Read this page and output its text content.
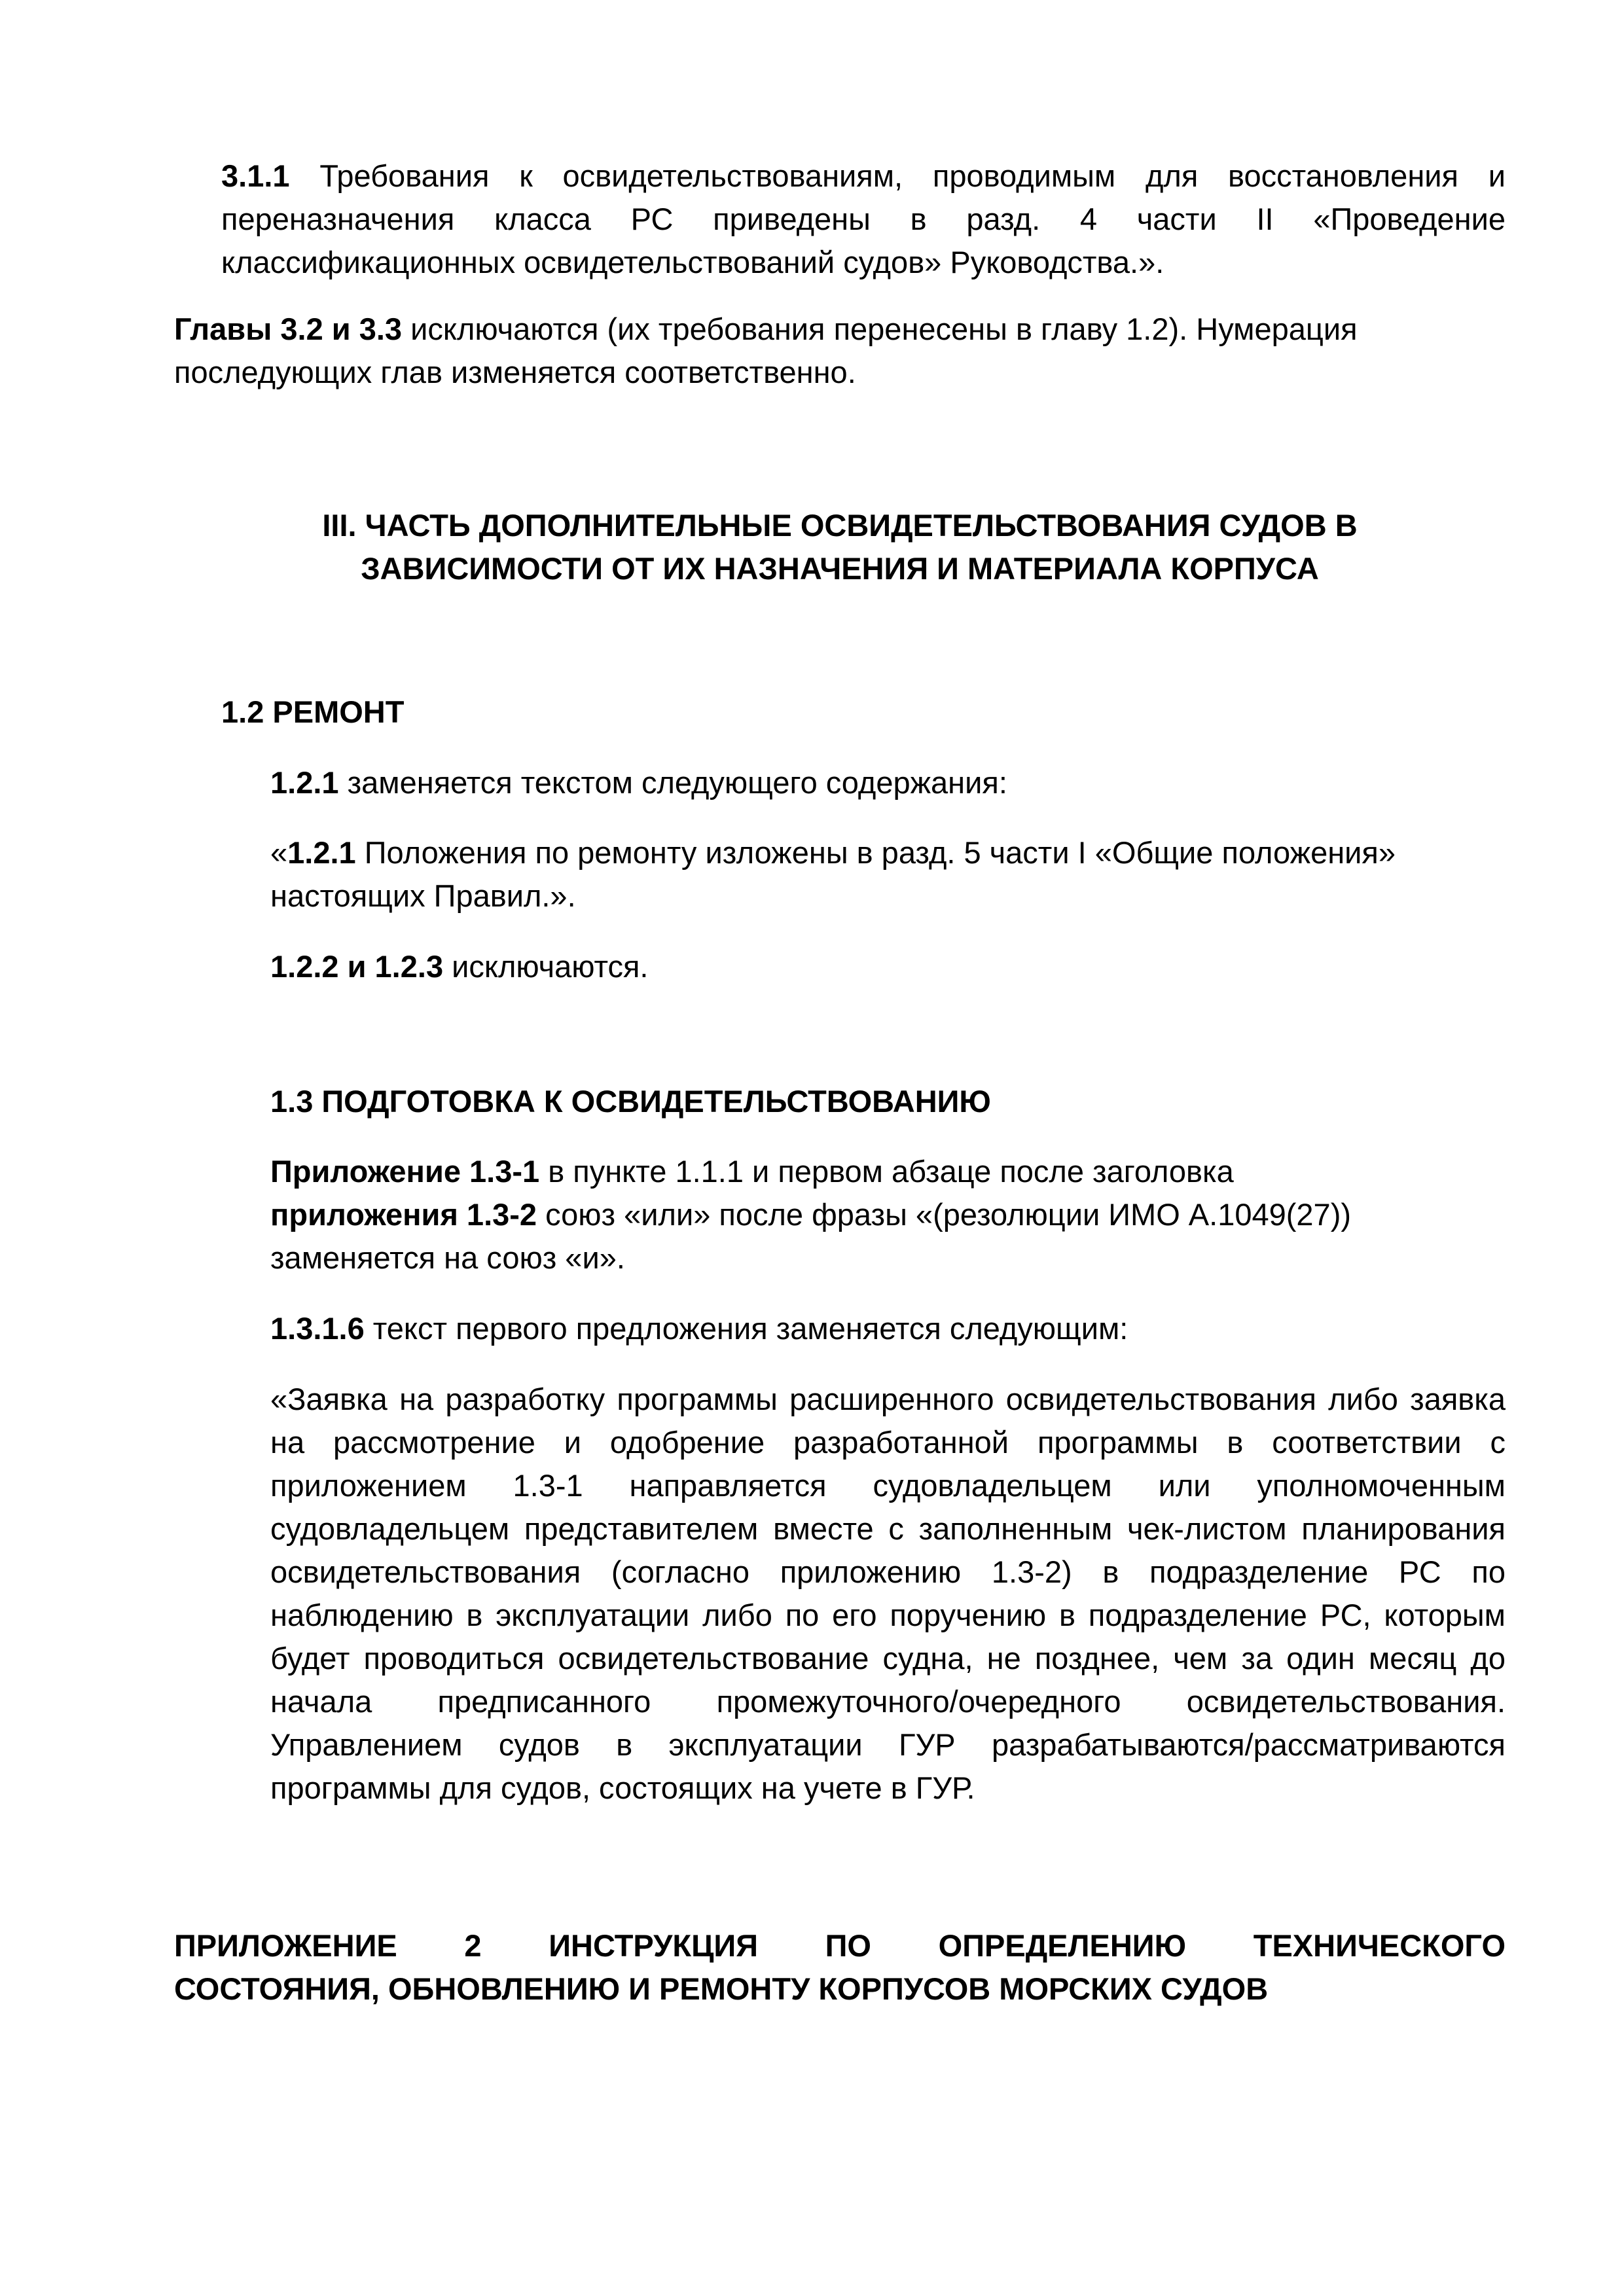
3.1.1 Требования к освидетельствованиям, проводимым для восстановления и переназначения класса РС приведены в разд. 4 части II «Проведение классификационных освидетельствований судов» Руководства.».
Главы 3.2 и 3.3 исключаются (их требования перенесены в главу 1.2). Нумерация последующих глав изменяется соответственно.
III. ЧАСТЬ ДОПОЛНИТЕЛЬНЫЕ ОСВИДЕТЕЛЬСТВОВАНИЯ СУДОВ В
ЗАВИСИМОСТИ ОТ ИХ НАЗНАЧЕНИЯ И МАТЕРИАЛА КОРПУСА
1.2 РЕМОНТ
1.2.1 заменяется текстом следующего содержания:
«1.2.1 Положения по ремонту изложены в разд. 5 части I «Общие положения» настоящих Правил.».
1.2.2 и 1.2.3 исключаются.
1.3 ПОДГОТОВКА К ОСВИДЕТЕЛЬСТВОВАНИЮ
Приложение 1.3-1 в пункте 1.1.1 и первом абзаце после заголовка
приложения 1.3-2 союз «или» после фразы «(резолюции ИМО А.1049(27))
заменяется на союз «и».
1.3.1.6 текст первого предложения заменяется следующим:
«Заявка на разработку программы расширенного освидетельствования либо заявка на рассмотрение и одобрение разработанной программы в соответствии с приложением 1.3-1 направляется судовладельцем или уполномоченным судовладельцем представителем вместе с заполненным чек-листом планирования освидетельствования (согласно приложению 1.3-2) в подразделение РС по наблюдению в эксплуатации либо по его поручению в подразделение РС, которым будет проводиться освидетельствование судна, не позднее, чем за один месяц до начала предписанного промежуточного/очередного освидетельствования. Управлением судов в эксплуатации ГУР разрабатываются/рассматриваются программы для судов, состоящих на учете в ГУР.
ПРИЛОЖЕНИЕ 2 ИНСТРУКЦИЯ ПО ОПРЕДЕЛЕНИЮ ТЕХНИЧЕСКОГО
СОСТОЯНИЯ, ОБНОВЛЕНИЮ И РЕМОНТУ КОРПУСОВ МОРСКИХ СУДОВ
